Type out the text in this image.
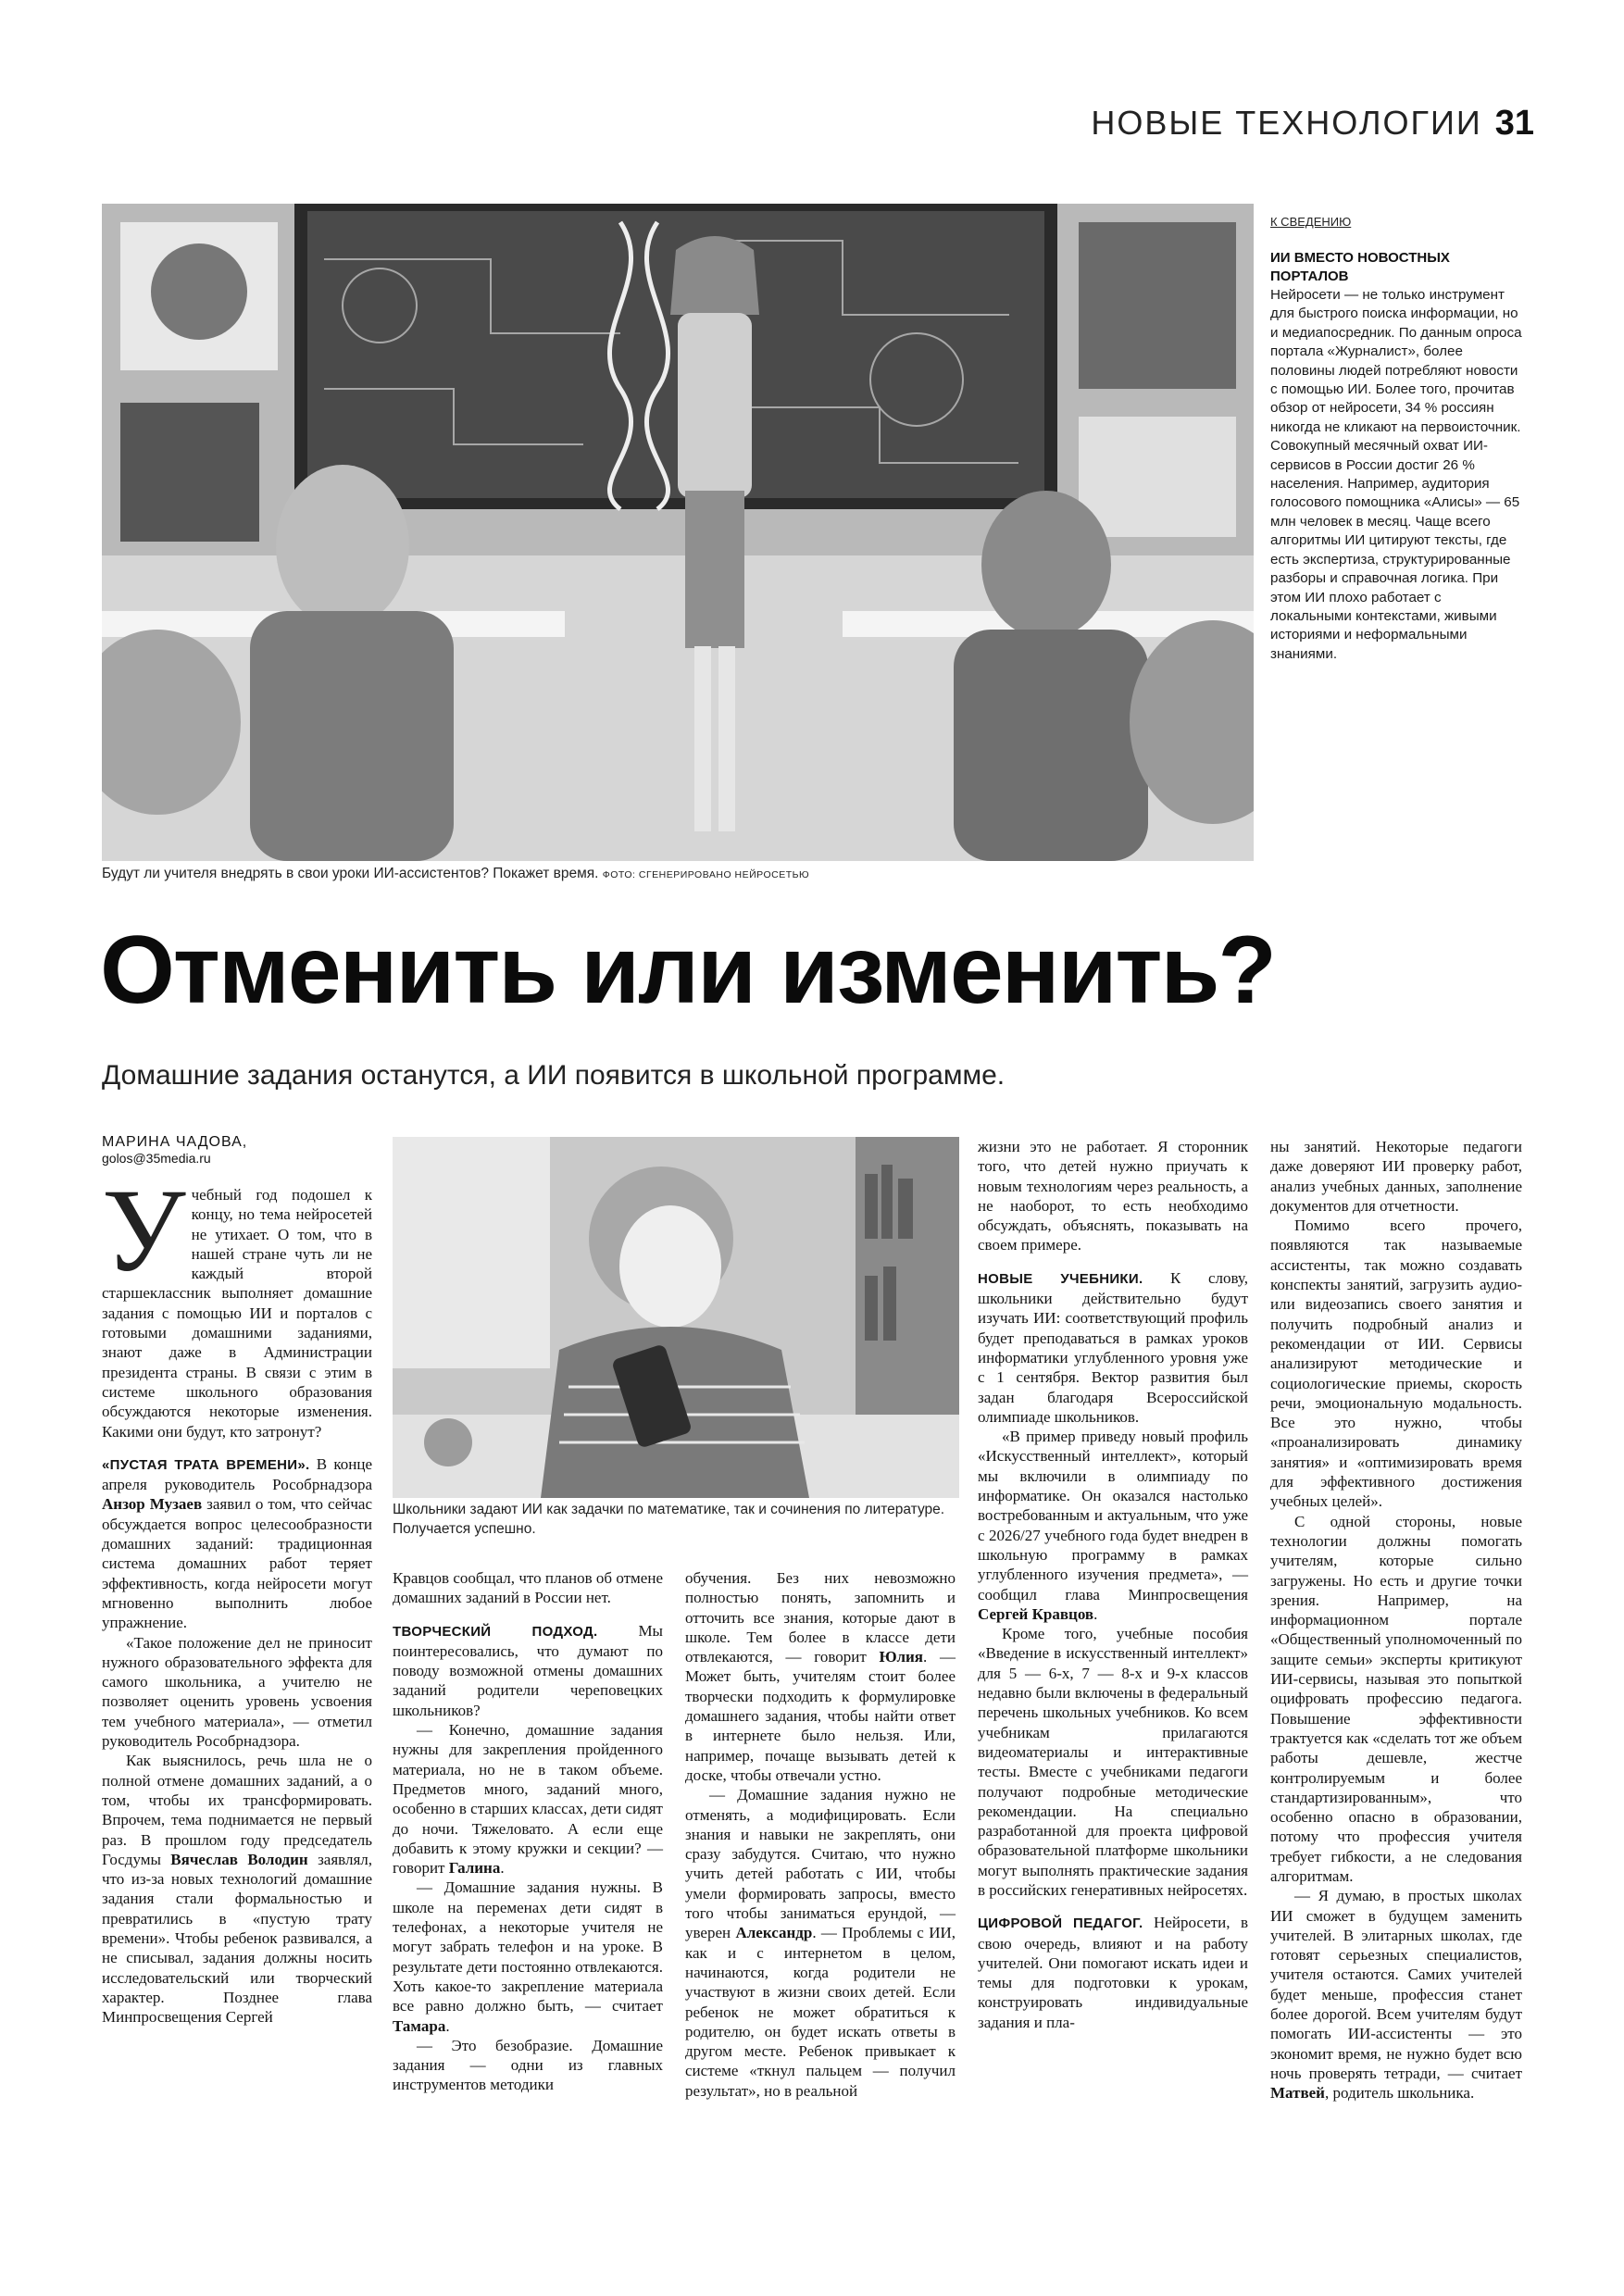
НОВЫЕ ТЕХНОЛОГИИ 31
Будут ли учителя внедрять в свои уроки ИИ-ассистентов? Покажет время. ФОТО: СГЕНЕРИРОВАНО НЕЙРОСЕТЬЮ
К СВЕДЕНИЮ
ИИ ВМЕСТО НОВОСТНЫХ ПОРТАЛОВ
Нейросети — не только инструмент для быстрого поиска информации, но и медиапосредник. По данным опроса портала «Журналист», более половины людей потребляют новости с помощью ИИ. Более того, прочитав обзор от нейросети, 34 % россиян никогда не кликают на первоисточник. Совокупный месячный охват ИИ-сервисов в России достиг 26 % населения. Например, аудитория голосового помощника «Алисы» — 65 млн человек в месяц. Чаще всего алгоритмы ИИ цитируют тексты, где есть экспертиза, структурированные разборы и справочная логика. При этом ИИ плохо работает с локальными контекстами, живыми историями и неформальными знаниями.
Отменить или изменить?
Домашние задания останутся, а ИИ появится в школьной программе.
МАРИНА ЧАДОВА,
golos@35media.ru
Школьники задают ИИ как задачки по математике, так и сочинения по литературе. Получается успешно.

Учебный год подошел к концу, но тема нейросетей не утихает. О том, что в нашей стране чуть ли не каждый второй старшеклассник выполняет домашние задания с помощью ИИ и порталов с готовыми домашними заданиями, знают даже в Администрации президента страны. В связи с этим в системе школьного образования обсуждаются некоторые изменения. Какими они будут, кто затронут?

«ПУСТАЯ ТРАТА ВРЕМЕНИ». В конце апреля руководитель Рособрнадзора Анзор Музаев заявил о том, что сейчас обсуждается вопрос целесообразности домашних заданий: традиционная система домашних работ теряет эффективность, когда нейросети могут мгновенно выполнить любое упражнение.

«Такое положение дел не приносит нужного образовательного эффекта для самого школьника, а учителю не позволяет оценить уровень усвоения тем учебного материала», — отметил руководитель Рособрнадзора.

Как выяснилось, речь шла не о полной отмене домашних заданий, а о том, чтобы их трансформировать. Впрочем, тема поднимается не первый раз. В прошлом году председатель Госдумы Вячеслав Володин заявлял, что из-за новых технологий домашние задания стали формальностью и превратились в «пустую трату времени». Чтобы ребенок развивался, а не списывал, задания должны носить исследовательский или творческий характер. Позднее глава Минпросвещения Сергей

Кравцов сообщал, что планов об отмене домашних заданий в России нет.

ТВОРЧЕСКИЙ ПОДХОД. Мы поинтересовались, что думают по поводу возможной отмены домашних заданий родители череповецких школьников?

— Конечно, домашние задания нужны для закрепления пройденного материала, но не в таком объеме. Предметов много, заданий много, особенно в старших классах, дети сидят до ночи. Тяжеловато. А если еще добавить к этому кружки и секции? — говорит Галина.

— Домашние задания нужны. В школе на переменах дети сидят в телефонах, а некоторые учителя не могут забрать телефон и на уроке. В результате дети постоянно отвлекаются. Хоть какое-то закрепление материала все равно должно быть, — считает Тамара.

— Это безобразие. Домашние задания — одни из главных инструментов методики

обучения. Без них невозможно полностью понять, запомнить и отточить все знания, которые дают в школе. Тем более в классе дети отвлекаются, — говорит Юлия. — Может быть, учителям стоит более творчески подходить к формулировке домашнего задания, чтобы найти ответ в интернете было нельзя. Или, например, почаще вызывать детей к доске, чтобы отвечали устно.

— Домашние задания нужно не отменять, а модифицировать. Если знания и навыки не закреплять, они сразу забудутся. Считаю, что нужно учить детей работать с ИИ, чтобы умели формировать запросы, вместо того чтобы заниматься ерундой, — уверен Александр. — Проблемы с ИИ, как и с интернетом в целом, начинаются, когда родители не участвуют в жизни своих детей. Если ребенок не может обратиться к родителю, он будет искать ответы в другом месте. Ребенок привыкает к системе «ткнул пальцем — получил результат», но в реальной

жизни это не работает. Я сторонник того, что детей нужно приучать к новым технологиям через реальность, а не наоборот, то есть необходимо обсуждать, объяснять, показывать на своем примере.

НОВЫЕ УЧЕБНИКИ. К слову, школьники действительно будут изучать ИИ: соответствующий профиль будет преподаваться в рамках уроков информатики углубленного уровня уже с 1 сентября. Вектор развития был задан благодаря Всероссийской олимпиаде школьников.

«В пример приведу новый профиль «Искусственный интеллект», который мы включили в олимпиаду по информатике. Он оказался настолько востребованным и актуальным, что уже с 2026/27 учебного года будет внедрен в школьную программу в рамках углубленного изучения предмета», — сообщил глава Минпросвещения Сергей Кравцов.

Кроме того, учебные пособия «Введение в искусственный интеллект» для 5 — 6-х, 7 — 8-х и 9-х классов недавно были включены в федеральный перечень школьных учебников. Ко всем учебникам прилагаются видеоматериалы и интерактивные тесты. Вместе с учебниками педагоги получают подробные методические рекомендации. На специально разработанной для проекта цифровой образовательной платформе школьники могут выполнять практические задания в российских генеративных нейросетях.

ЦИФРОВОЙ ПЕДАГОГ. Нейросети, в свою очередь, влияют и на работу учителей. Они помогают искать идеи и темы для подготовки к урокам, конструировать индивидуальные задания и пла-

ны занятий. Некоторые педагоги даже доверяют ИИ проверку работ, анализ учебных данных, заполнение документов для отчетности.

Помимо всего прочего, появляются так называемые ассистенты, так можно создавать конспекты занятий, загрузить аудио- или видеозапись своего занятия и получить подробный анализ и рекомендации от ИИ. Сервисы анализируют методические и социологические приемы, скорость речи, эмоциональную модальность. Все это нужно, чтобы «проанализировать динамику занятия» и «оптимизировать время для эффективного достижения учебных целей».

С одной стороны, новые технологии должны помогать учителям, которые сильно загружены. Но есть и другие точки зрения. Например, на информационном портале «Общественный уполномоченный по защите семьи» эксперты критикуют ИИ-сервисы, называя это попыткой оцифровать профессию педагога. Повышение эффективности трактуется как «сделать тот же объем работы дешевле, жестче контролируемым и более стандартизированным», что особенно опасно в образовании, потому что профессия учителя требует гибкости, а не следования алгоритмам.

— Я думаю, в простых школах ИИ сможет в будущем заменить учителей. В элитарных школах, где готовят серьезных специалистов, учителя остаются. Самих учителей будет меньше, профессия станет более дорогой. Всем учителям будут помогать ИИ-ассистенты — это экономит время, не нужно будет всю ночь проверять тетради, — считает Матвей, родитель школьника.
